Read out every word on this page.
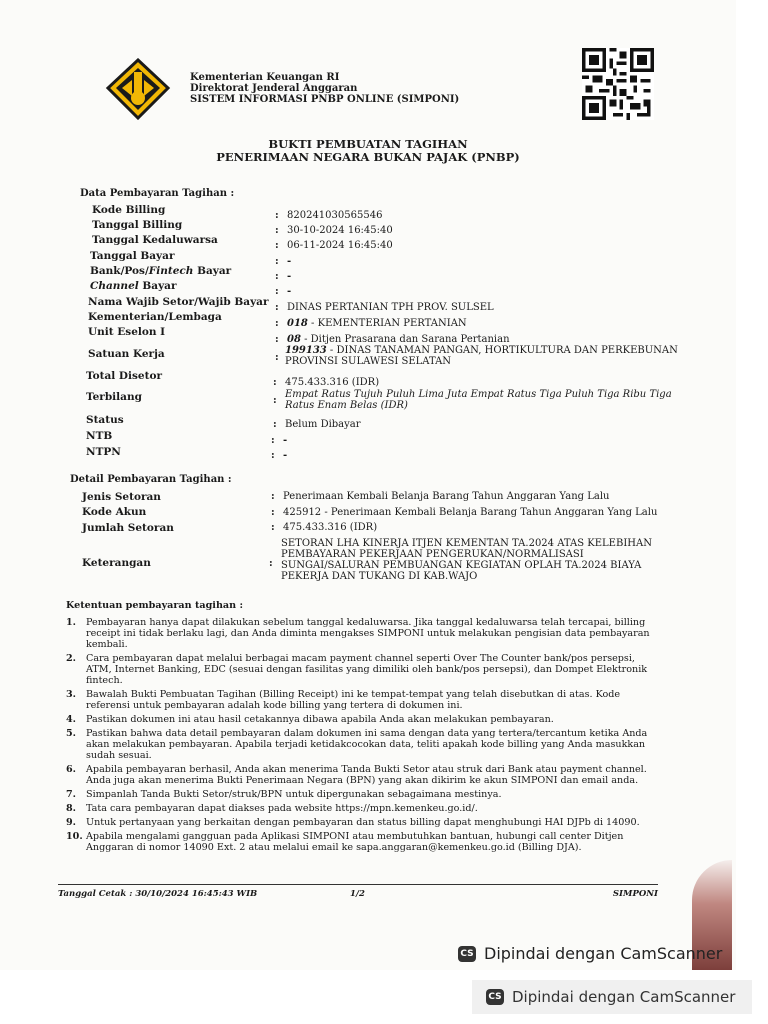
Kementerian Keuangan RI
Direktorat Jenderal Anggaran
SISTEM INFORMASI PNBP ONLINE (SIMPONI)
BUKTI PEMBUATAN TAGIHAN
PENERIMAAN NEGARA BUKAN PAJAK (PNBP)
Data Pembayaran Tagihan :
Kode Billing	: 820241030565546
Tanggal Billing	: 30-10-2024 16:45:40
Tanggal Kedaluwarsa	: 06-11-2024 16:45:40
Tanggal Bayar	: -
Bank/Pos/Fintech Bayar	: -
Channel Bayar	: -
Nama Wajib Setor/Wajib Bayar : DINAS PERTANIAN TPH PROV. SULSEL
Kementerian/Lembaga
: 018 - KEMENTERIAN PERTANIAN
Unit Eselon I
: 08 - Ditjen Prasarana dan Sarana Pertanian
Satuan Kerja	:
199133 - DINAS TANAMAN PANGAN, HORTIKULTURA DAN PERKEBUNAN
PROVINSI SULAWESI SELATAN
Total Disetor
: 475.433.316 (IDR)
Terbilang	:
Empat Ratus Tujuh Puluh Lima Juta Empat Ratus Tiga Puluh Tiga Ribu Tiga
Ratus Enam Belas (IDR)
Status	: Belum Dibayar
NTB	: -
NTPN	: -
Detail Pembayaran Tagihan :
Jenis Setoran	: Penerimaan Kembali Belanja Barang Tahun Anggaran Yang Lalu
Kode Akun	: 425912 - Penerimaan Kembali Belanja Barang Tahun Anggaran Yang Lalu
Jumlah Setoran	: 475.433.316 (IDR)
Keterangan	:
SETORAN LHA KINERJA ITJEN KEMENTAN TA.2024 ATAS KELEBIHAN
PEMBAYARAN PEKERJAAN PENGERUKAN/NORMALISASI
SUNGAI/SALURAN PEMBUANGAN KEGIATAN OPLAH TA.2024 BIAYA
PEKERJA DAN TUKANG DI KAB.WAJO
Ketentuan pembayaran tagihan :
1. Pembayaran hanya dapat dilakukan sebelum tanggal kedaluwarsa. Jika tanggal kedaluwarsa telah tercapai, billing receipt ini tidak berlaku lagi, dan Anda diminta mengakses SIMPONI untuk melakukan pengisian data pembayaran kembali.
2. Cara pembayaran dapat melalui berbagai macam payment channel seperti Over The Counter bank/pos persepsi, ATM, Internet Banking, EDC (sesuai dengan fasilitas yang dimiliki oleh bank/pos persepsi), dan Dompet Elektronik fintech.
3. Bawalah Bukti Pembuatan Tagihan (Billing Receipt) ini ke tempat-tempat yang telah disebutkan di atas. Kode referensi untuk pembayaran adalah kode billing yang tertera di dokumen ini.
4. Pastikan dokumen ini atau hasil cetakannya dibawa apabila Anda akan melakukan pembayaran.
5. Pastikan bahwa data detail pembayaran dalam dokumen ini sama dengan data yang tertera/tercantum ketika Anda akan melakukan pembayaran. Apabila terjadi ketidakcocokan data, teliti apakah kode billing yang Anda masukkan sudah sesuai.
6. Apabila pembayaran berhasil, Anda akan menerima Tanda Bukti Setor atau struk dari Bank atau payment channel. Anda juga akan menerima Bukti Penerimaan Negara (BPN) yang akan dikirim ke akun SIMPONI dan email anda.
7. Simpanlah Tanda Bukti Setor/struk/BPN untuk dipergunakan sebagaimana mestinya.
8. Tata cara pembayaran dapat diakses pada website https://mpn.kemenkeu.go.id/.
9. Untuk pertanyaan yang berkaitan dengan pembayaran dan status billing dapat menghubungi HAI DJPb di 14090.
10. Apabila mengalami gangguan pada Aplikasi SIMPONI atau membutuhkan bantuan, hubungi call center Ditjen Anggaran di nomor 14090 Ext. 2 atau melalui email ke sapa.anggaran@kemenkeu.go.id (Billing DJA).
Tanggal Cetak : 30/10/2024 16:45:43 WIB	1/2	SIMPONI
CS Dipindai dengan CamScanner
CS Dipindai dengan CamScanner
